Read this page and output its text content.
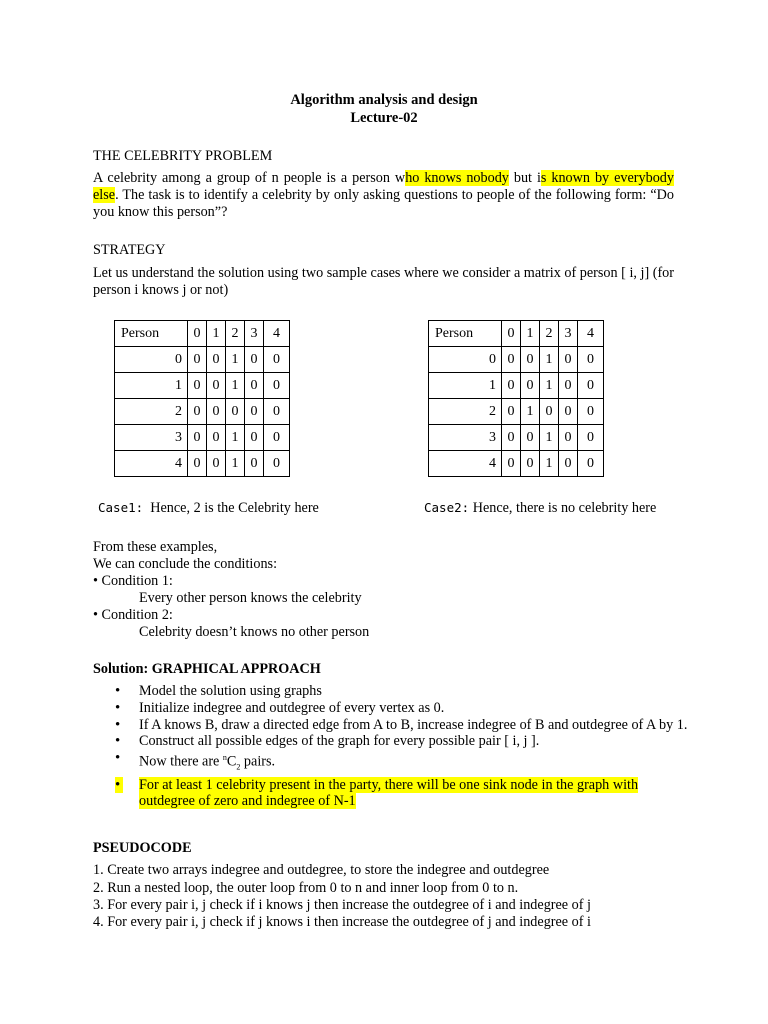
Algorithm analysis and design
Lecture-02
THE CELEBRITY PROBLEM
A celebrity among a group of n people is a person who knows nobody but is known by everybody else. The task is to identify a celebrity by only asking questions to people of the following form: “Do you know this person”?
STRATEGY
Let us understand the solution using two sample cases where we consider a matrix of person [ i, j] (for person i knows j or not)
Person	0	1	2	3	4
0	0	0	1	0	0
1	0	0	1	0	0
2	0	0	0	0	0
3	0	0	1	0	0
4	0	0	1	0	0
Person	0	1	2	3	4
0	0	0	1	0	0
1	0	0	1	0	0
2	0	1	0	0	0
3	0	0	1	0	0
4	0	0	1	0	0
Case1: Hence, 2 is the Celebrity here	Case2: Hence, there is no celebrity here
From these examples,
We can conclude the conditions:
• Condition 1:
Every other person knows the celebrity
• Condition 2:
Celebrity doesn’t knows no other person
Solution: GRAPHICAL APPROACH
• Model the solution using graphs
• Initialize indegree and outdegree of every vertex as 0.
• If A knows B, draw a directed edge from A to B, increase indegree of B and outdegree of A by 1.
• Construct all possible edges of the graph for every possible pair [ i, j ].
• Now there are $^nC_2$ pairs.
• For at least 1 celebrity present in the party, there will be one sink node in the graph with outdegree of zero and indegree of N-1
PSEUDOCODE
1. Create two arrays indegree and outdegree, to store the indegree and outdegree
2. Run a nested loop, the outer loop from 0 to n and inner loop from 0 to n.
3. For every pair i, j check if i knows j then increase the outdegree of i and indegree of j
4. For every pair i, j check if j knows i then increase the outdegree of j and indegree of i
